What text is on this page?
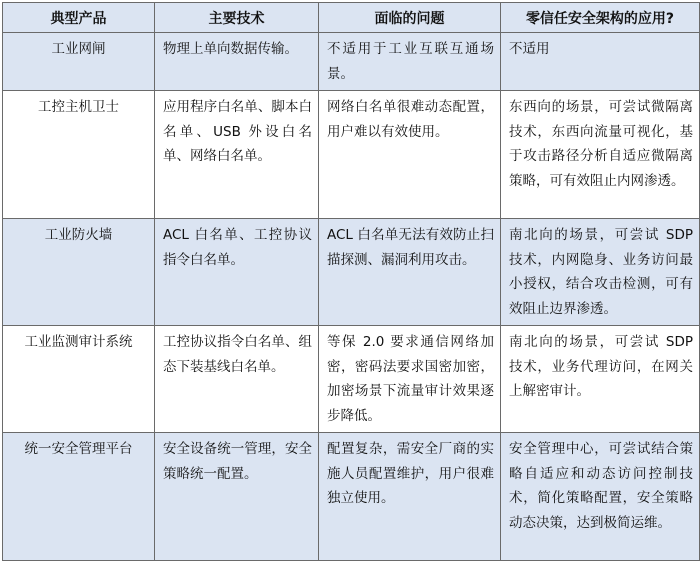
典型产品	主要技术	面临的问题	零信任安全架构的应用?
工业网闸	物理上单向数据传输。	不适用于工业互联互通场景。	不适用
工控主机卫士	应用程序白名单、脚本白名单、USB 外设白名单、网络白名单。	网络白名单很难动态配置，用户难以有效使用。	东西向的场景，可尝试微隔离技术，东西向流量可视化，基于攻击路径分析自适应微隔离策略，可有效阻止内网渗透。
工业防火墙	ACL 白名单、工控协议指令白名单。	ACL 白名单无法有效防止扫描探测、漏洞利用攻击。	南北向的场景，可尝试 SDP 技术，内网隐身、业务访问最小授权，结合攻击检测，可有效阻止边界渗透。
工业监测审计系统	工控协议指令白名单、组态下装基线白名单。	等保 2.0 要求通信网络加密，密码法要求国密加密，加密场景下流量审计效果逐步降低。	南北向的场景，可尝试 SDP 技术，业务代理访问，在网关上解密审计。
统一安全管理平台	安全设备统一管理，安全策略统一配置。	配置复杂，需安全厂商的实施人员配置维护，用户很难独立使用。	安全管理中心，可尝试结合策略自适应和动态访问控制技术，简化策略配置，安全策略动态决策，达到极简运维。
